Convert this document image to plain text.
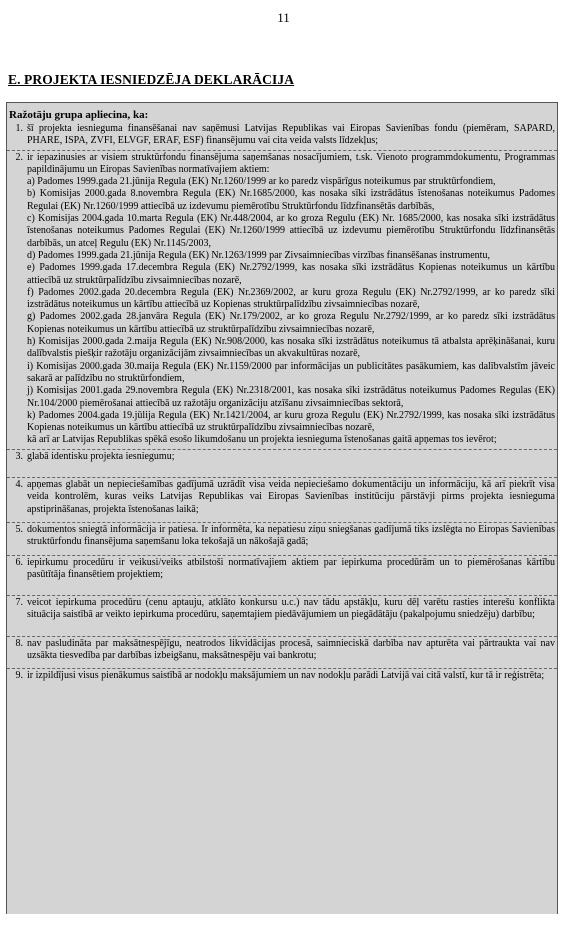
11
E. PROJEKTA IESNIEDZĒJA DEKLARĀCIJA
Ražotāju grupa apliecina, ka:
1. šī projekta iesnieguma finansēšanai nav saņēmusi Latvijas Republikas vai Eiropas Savienības fondu (piemēram, SAPARD, PHARE, ISPA, ZVFI, ELVGF, ERAF, ESF) finansējumu vai cita veida valsts līdzekļus;
2. ir iepazinusies ar visiem struktūrfondu finansējuma saņemšanas nosacījumiem, t.sk. Vienoto programmdokumentu, Programmas papildinājumu un Eiropas Savienības normatīvajiem aktiem:
a) Padomes 1999.gada 21.jūnija Regula (EK) Nr.1260/1999 ar ko paredz vispārīgus noteikumus par struktūrfondiem,
b) Komisijas 2000.gada 8.novembra Regula (EK) Nr.1685/2000, kas nosaka sīki izstrādātus īstenošanas noteikumus Padomes Regulai (EK) Nr.1260/1999 attiecībā uz izdevumu piemērotību Struktūrfondu līdzfinansētās darbībās,
c) Komisijas 2004.gada 10.marta Regula (EK) Nr.448/2004, ar ko groza Regulu (EK) Nr. 1685/2000, kas nosaka sīki izstrādātus īstenošanas noteikumus Padomes Regulai (EK) Nr.1260/1999 attiecībā uz izdevumu piemērotību Struktūrfondu līdzfinansētās darbībās, un atceļ Regulu (EK) Nr.1145/2003,
d) Padomes 1999.gada 21.jūnija Regula (EK) Nr.1263/1999 par Zivsaimniecības virzības finansēšanas instrumentu,
e) Padomes 1999.gada 17.decembra Regula (EK) Nr.2792/1999, kas nosaka sīki izstrādātus Kopienas noteikumus un kārtību attiecībā uz struktūrpalīdzību zivsaimniecības nozarē,
f) Padomes 2002.gada 20.decembra Regula (EK) Nr.2369/2002, ar kuru groza Regulu (EK) Nr.2792/1999, ar ko paredz sīki izstrādātus noteikumus un kārtību attiecībā uz Kopienas struktūrpalīdzību zivsaimniecības nozarē,
g) Padomes 2002.gada 28.janvāra Regula (EK) Nr.179/2002, ar ko groza Regulu Nr.2792/1999, ar ko paredz sīki izstrādātus Kopienas noteikumus un kārtību attiecībā uz struktūrpalīdzību zivsaimniecības nozarē,
h) Komisijas 2000.gada 2.maija Regula (EK) Nr.908/2000, kas nosaka sīki izstrādātus noteikumus tā atbalsta aprēķināšanai, kuru dalībvalstis piešķir ražotāju organizācijām zivsaimniecības un akvakultūras nozarē,
i) Komisijas 2000.gada 30.maija Regula (EK) Nr.1159/2000 par informācijas un publicitātes pasākumiem, kas dalībvalstīm jāveic sakarā ar palīdzību no struktūrfondiem,
j) Komisijas 2001.gada 29.novembra Regula (EK) Nr.2318/2001, kas nosaka sīki izstrādātus noteikumus Padomes Regulas (EK) Nr.104/2000 piemērošanai attiecībā uz ražotāju organizāciju atzīšanu zivsaimniecības sektorā,
k) Padomes 2004.gada 19.jūlija Regula (EK) Nr.1421/2004, ar kuru groza Regulu (EK) Nr.2792/1999, kas nosaka sīki izstrādātus Kopienas noteikumus un kārtību attiecībā uz struktūrpalīdzību zivsaimniecības nozarē,
kā arī ar Latvijas Republikas spēkā esošo likumdošanu un projekta iesnieguma īstenošanas gaitā apņemas tos ievērot;
3. glabā identisku projekta iesniegumu;
4. apņemas glabāt un nepieciešamības gadījumā uzrādīt visa veida nepieciešamo dokumentāciju un informāciju, kā arī piekrīt visa veida kontrolēm, kuras veiks Latvijas Republikas vai Eiropas Savienības institūciju pārstāvji pirms projekta iesnieguma apstiprināšanas, projekta īstenošanas laikā;
5. dokumentos sniegtā informācija ir patiesa. Ir informēta, ka nepatiesu ziņu sniegšanas gadījumā tiks izslēgta no Eiropas Savienības struktūrfondu finansējuma saņemšanu loka tekošajā un nākošajā gadā;
6. iepirkumu procedūru ir veikusi/veiks atbilstoši normatīvajiem aktiem par iepirkuma procedūrām un to piemērošanas kārtību pasūtītāja finansētiem projektiem;
7. veicot iepirkuma procedūru (cenu aptauju, atklāto konkursu u.c.) nav tādu apstākļu, kuru dēļ varētu rasties interešu konflikta situācija saistībā ar veikto iepirkuma procedūru, saņemtajiem piedāvājumiem un piegādātāju (pakalpojumu sniedzēju) darbību;
8. nav pasludināta par maksātnespējīgu, neatrodos likvidācijas procesā, saimnieciskā darbība nav apturēta vai pārtraukta vai nav uzsākta tiesvedība par darbības izbeigšanu, maksātnespēju vai bankrotu;
9. ir izpildījusi visus pienākumus saistībā ar nodokļu maksājumiem un nav nodokļu parādi Latvijā vai citā valstī, kur tā ir reģistrēta;
